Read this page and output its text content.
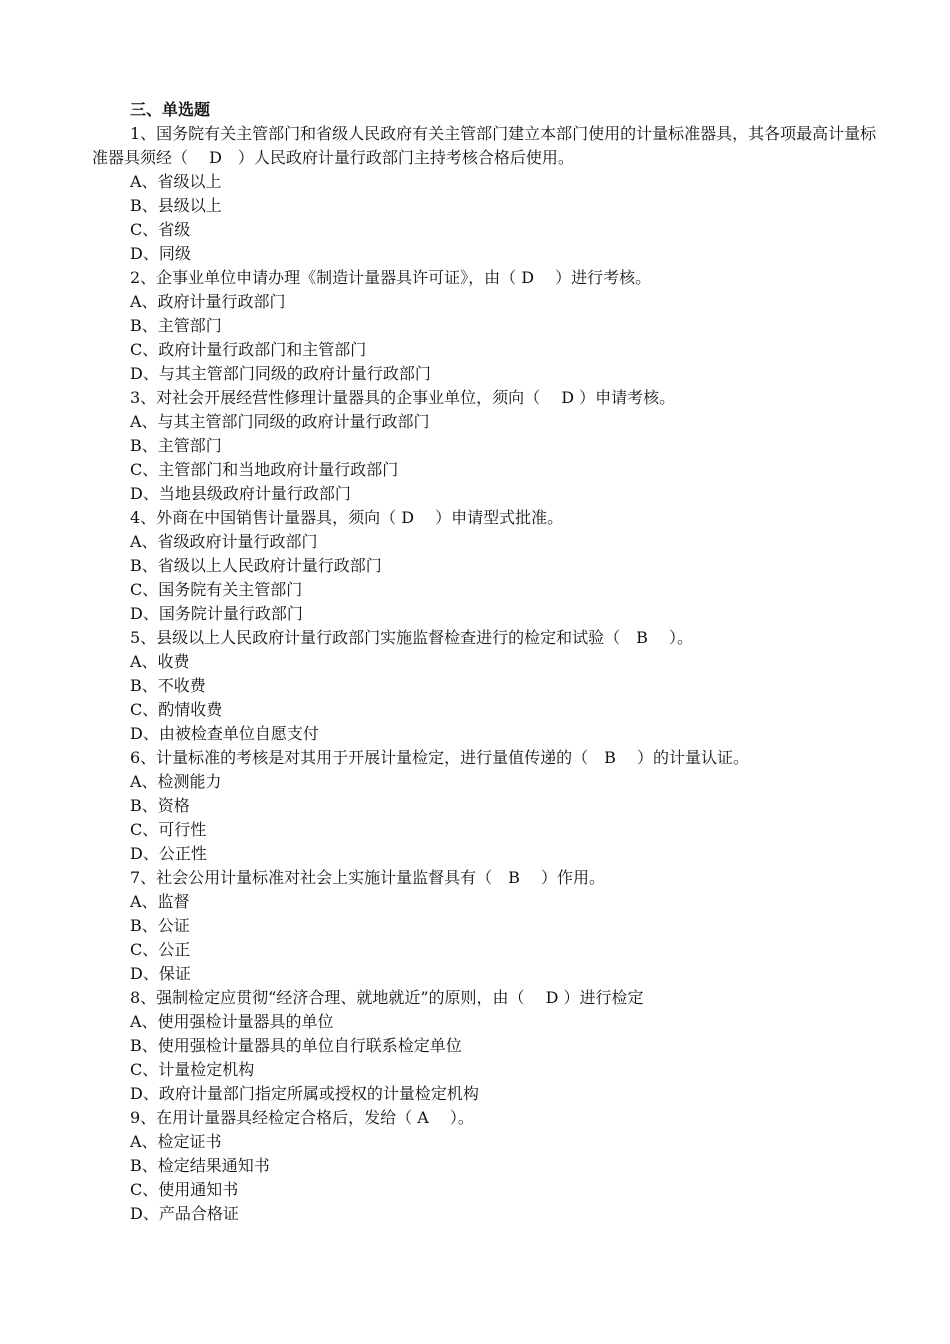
三、单选题
1、国务院有关主管部门和省级人民政府有关主管部门建立本部门使用的计量标准器具，其各项最高计量标准器具须经（　 D　）人民政府计量行政部门主持考核合格后使用。
A、省级以上
B、县级以上
C、省级
D、同级
2、企事业单位申请办理《制造计量器具许可证》，由（ D　 ）进行考核。
A、政府计量行政部门
B、主管部门
C、政府计量行政部门和主管部门
D、与其主管部门同级的政府计量行政部门
3、对社会开展经营性修理计量器具的企事业单位，须向（　 D ）申请考核。
A、与其主管部门同级的政府计量行政部门
B、主管部门
C、主管部门和当地政府计量行政部门
D、当地县级政府计量行政部门
4、外商在中国销售计量器具，须向（ D　 ）申请型式批准。
A、省级政府计量行政部门
B、省级以上人民政府计量行政部门
C、国务院有关主管部门
D、国务院计量行政部门
5、县级以上人民政府计量行政部门实施监督检查进行的检定和试验（　B　 ）。
A、收费
B、不收费
C、酌情收费
D、由被检查单位自愿支付
6、计量标准的考核是对其用于开展计量检定，进行量值传递的（　B　 ）的计量认证。
A、检测能力
B、资格
C、可行性
D、公正性
7、社会公用计量标准对社会上实施计量监督具有（　B　 ）作用。
A、监督
B、公证
C、公正
D、保证
8、强制检定应贯彻“经济合理、就地就近”的原则，由（　 D ）进行检定
A、使用强检计量器具的单位
B、使用强检计量器具的单位自行联系检定单位
C、计量检定机构
D、政府计量部门指定所属或授权的计量检定机构
9、在用计量器具经检定合格后，发给（ A　 ）。
A、检定证书
B、检定结果通知书
C、使用通知书
D、产品合格证
